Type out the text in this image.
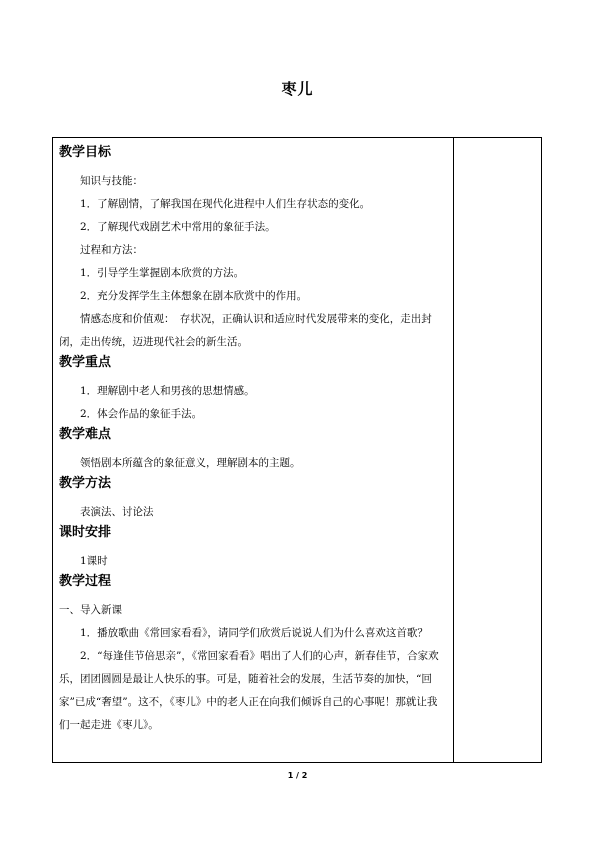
枣儿
教学目标

知识与技能：

1．了解剧情，了解我国在现代化进程中人们生存状态的变化。

2．了解现代戏剧艺术中常用的象征手法。

过程和方法：

1．引导学生掌握剧本欣赏的方法。

2．充分发挥学生主体想象在剧本欣赏中的作用。

情感态度和价值观：　存状况，正确认识和适应时代发展带来的变化，走出封闭，走出传统，迈进现代社会的新生活。

教学重点

1．理解剧中老人和男孩的思想情感。

2．体会作品的象征手法。

教学难点

领悟剧本所蕴含的象征意义，理解剧本的主题。

教学方法

表演法、讨论法

课时安排

1课时

教学过程

一、导入新课

1．播放歌曲《常回家看看》，请同学们欣赏后说说人们为什么喜欢这首歌？

2．“每逢佳节倍思亲”，《常回家看看》唱出了人们的心声，新春佳节，合家欢乐，团团圆圆是最让人快乐的事。可是，随着社会的发展，生活节奏的加快，“回家”已成“奢望”。这不，《枣儿》中的老人正在向我们倾诉自己的心事呢！那就让我们一起走进《枣儿》。

1 / 2
